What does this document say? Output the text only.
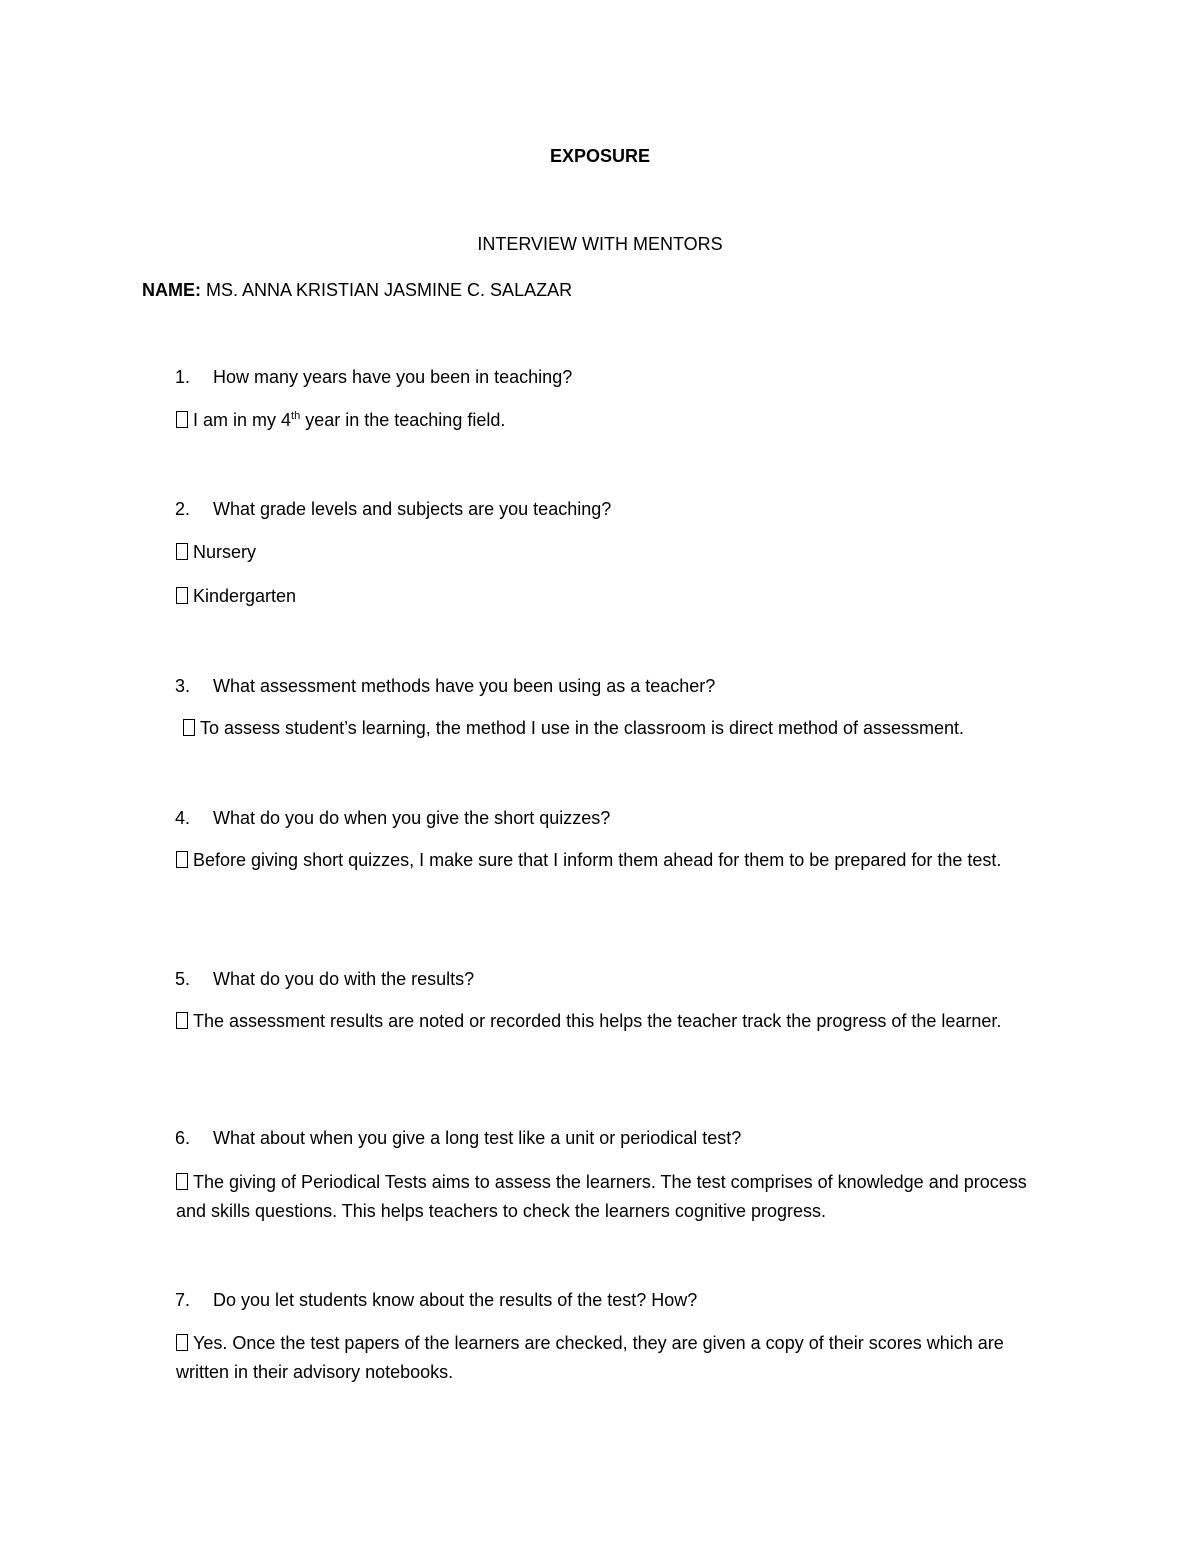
EXPOSURE
INTERVIEW WITH MENTORS
NAME: MS. ANNA KRISTIAN JASMINE C. SALAZAR
1. How many years have you been in teaching?
I am in my 4th year in the teaching field.
2. What grade levels and subjects are you teaching?
Nursery
Kindergarten
3. What assessment methods have you been using as a teacher?
To assess student’s learning, the method I use in the classroom is direct method of assessment.
4. What do you do when you give the short quizzes?
Before giving short quizzes, I make sure that I inform them ahead for them to be prepared for the test.
5. What do you do with the results?
The assessment results are noted or recorded this helps the teacher track the progress of the learner.
6. What about when you give a long test like a unit or periodical test?
The giving of Periodical Tests aims to assess the learners. The test comprises of knowledge and process and skills questions. This helps teachers to check the learners cognitive progress.
7. Do you let students know about the results of the test? How?
Yes. Once the test papers of the learners are checked, they are given a copy of their scores which are written in their advisory notebooks.
